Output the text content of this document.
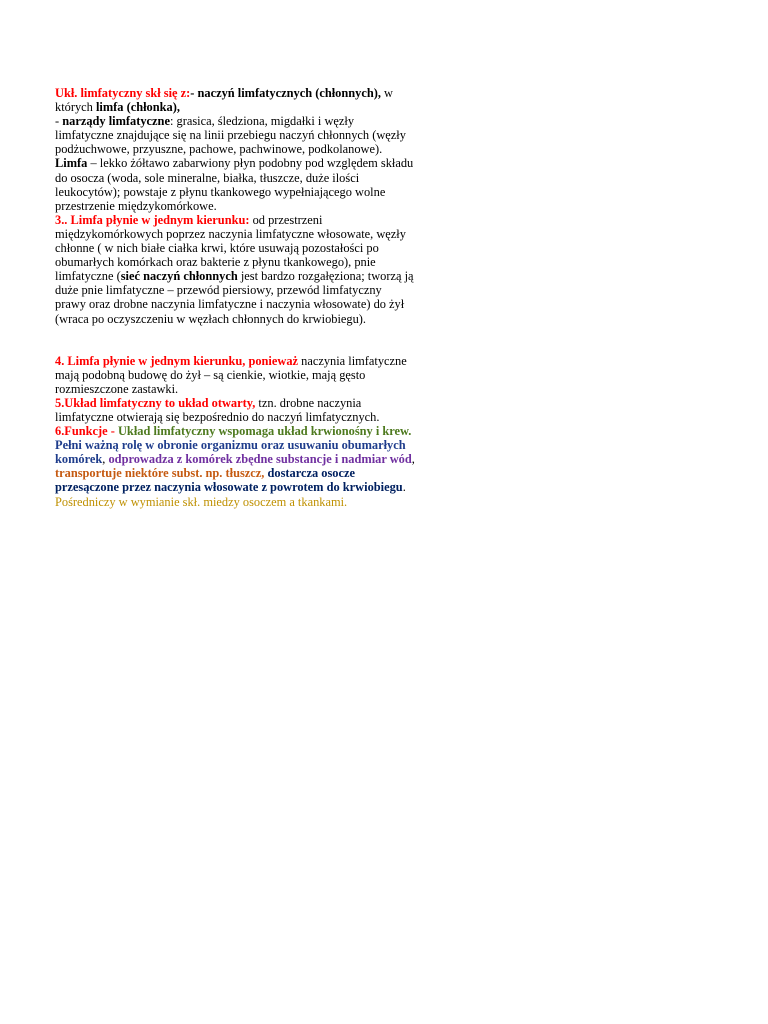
Ukł. limfatyczny skł się z:- naczyń limfatycznych (chłonnych), w których limfa (chłonka),

- narządy limfatyczne: grasica, śledziona, migdałki i węzły limfatyczne znajdujące się na linii przebiegu naczyń chłonnych (węzły podżuchwowe, przyuszne, pachowe, pachwinowe, podkolanowe).

Limfa – lekko żółtawo zabarwiony płyn podobny pod względem składu do osocza (woda, sole mineralne, białka, tłuszcze, duże ilości leukocytów); powstaje z płynu tkankowego wypełniającego wolne przestrzenie międzykomórkowe.

3.. Limfa płynie w jednym kierunku: od przestrzeni międzykomórkowych poprzez naczynia limfatyczne włosowate, węzły chłonne ( w nich białe ciałka krwi, które usuwają pozostałości po obumarłych komórkach oraz bakterie z płynu tkankowego), pnie limfatyczne (sieć naczyń chłonnych jest bardzo rozgałęziona; tworzą ją duże pnie limfatyczne – przewód piersiowy, przewód limfatyczny prawy oraz drobne naczynia limfatyczne i naczynia włosowate) do żył (wraca po oczyszczeniu w węzłach chłonnych do krwiobiegu).

4. Limfa płynie w jednym kierunku, ponieważ naczynia limfatyczne mają podobną budowę do żył – są cienkie, wiotkie, mają gęsto rozmieszczone zastawki.

5.Układ limfatyczny to układ otwarty, tzn. drobne naczynia limfatyczne otwierają się bezpośrednio do naczyń limfatycznych.

6.Funkcje - Układ limfatyczny wspomaga układ krwionośny i krew. Pełni ważną rolę w obronie organizmu oraz usuwaniu obumarłych komórek, odprowadza z komórek zbędne substancje i nadmiar wód, transportuje niektóre subst. np. tłuszcz, dostarcza osocze przesączone przez naczynia włosowate z powrotem do krwiobiegu. Pośredniczy w wymianie skł. miedzy osoczem a tkankami.
